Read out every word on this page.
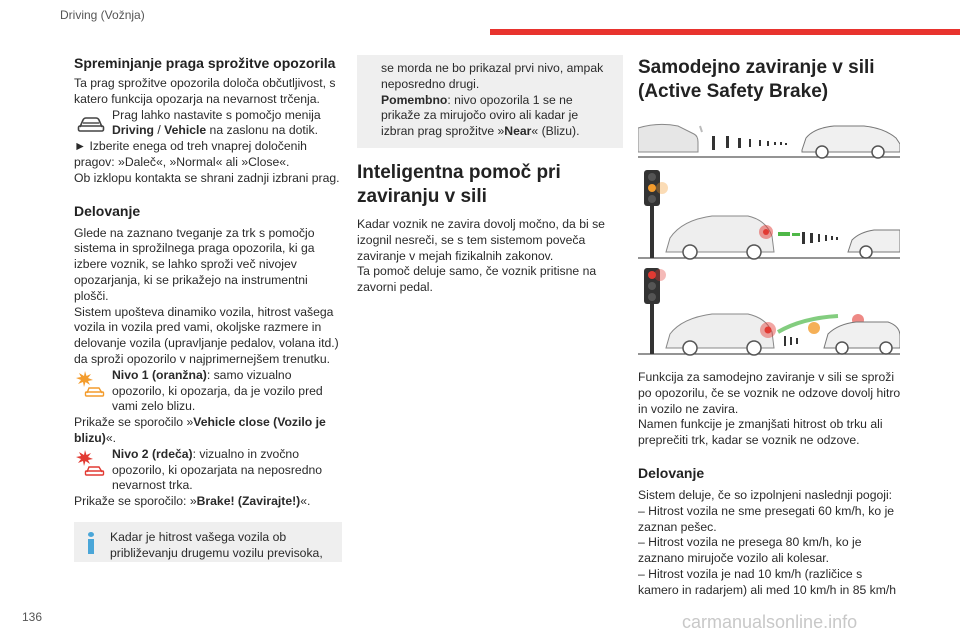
Driving (Vožnja)
Spreminjanje praga sprožitve opozorila

Ta prag sprožitve opozorila določa občutljivost, s katero funkcija opozarja na nevarnost trčenja.

Prag lahko nastavite s pomočjo menija Driving / Vehicle na zaslonu na dotik.

► Izberite enega od treh vnaprej določenih pragov: »Daleč«, »Normal« ali »Close«.

Ob izklopu kontakta se shrani zadnji izbrani prag.

Delovanje

Glede na zaznano tveganje za trk s pomočjo sistema in sprožilnega praga opozorila, ki ga izbere voznik, se lahko sproži več nivojev opozarjanja, ki se prikažejo na instrumentni plošči.

Sistem upošteva dinamiko vozila, hitrost vašega vozila in vozila pred vami, okoljske razmere in delovanje vozila (upravljanje pedalov, volana itd.) da sproži opozorilo v najprimernejšem trenutku.

Nivo 1 (oranžna): samo vizualno opozorilo, ki opozarja, da je vozilo pred vami zelo blizu.

Prikaže se sporočilo »Vehicle close (Vozilo je blizu)«.

Nivo 2 (rdeča): vizualno in zvočno opozorilo, ki opozarjata na neposredno nevarnost trka.

Prikaže se sporočilo: »Brake! (Zavirajte!)«.

Kadar je hitrost vašega vozila ob približevanju drugemu vozilu previsoka,

se morda ne bo prikazal prvi nivo, ampak neposredno drugi.

Pomembno: nivo opozorila 1 se ne prikaže za mirujočo oviro ali kadar je izbran prag sprožitve »Near« (Blizu).

Inteligentna pomoč pri zaviranju v sili

Kadar voznik ne zavira dovolj močno, da bi se izognil nesreči, se s tem sistemom poveča zaviranje v mejah fizikalnih zakonov.

Ta pomoč deluje samo, če voznik pritisne na zavorni pedal.

Samodejno zaviranje v sili (Active Safety Brake)

Funkcija za samodejno zaviranje v sili se sproži po opozorilu, če se voznik ne odzove dovolj hitro in vozilo ne zavira.

Namen funkcije je zmanjšati hitrost ob trku ali preprečiti trk, kadar se voznik ne odzove.

Delovanje

Sistem deluje, če so izpolnjeni naslednji pogoji:

– Hitrost vozila ne sme presegati 60 km/h, ko je zaznan pešec.

– Hitrost vozila ne presega 80 km/h, ko je zaznano mirujoče vozilo ali kolesar.

– Hitrost vozila je nad 10 km/h (različice s kamero in radarjem) ali med 10 km/h in 85 km/h

136	carmanualsonline.info
